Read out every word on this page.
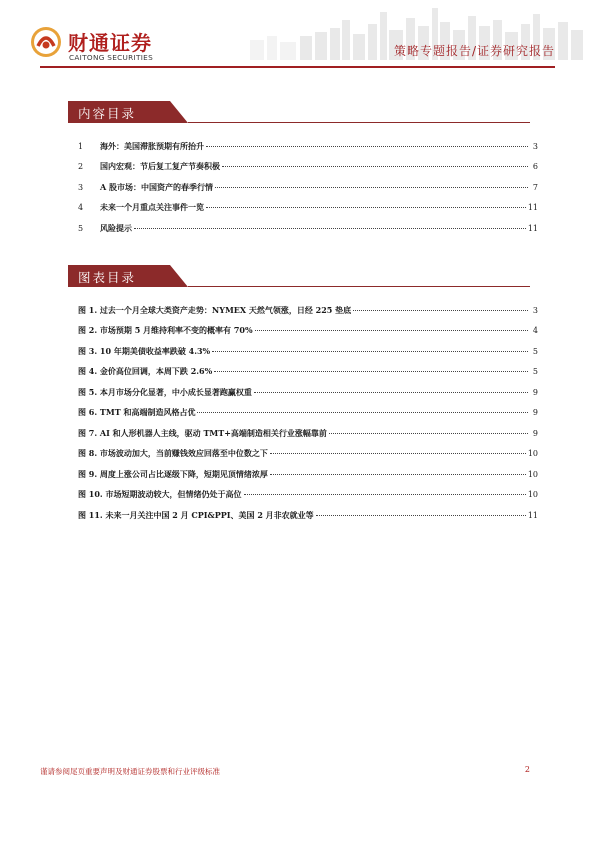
财通证券
CAITONG SECURITIES	策略专题报告/证券研究报告
内容目录
1	海外：美国滞胀预期有所抬升	3
2	国内宏观：节后复工复产节奏积极	6
3	A 股市场：中国资产的春季行情	7
4	未来一个月重点关注事件一览	11
5	风险提示	11
图表目录
图 1. 过去一个月全球大类资产走势：NYMEX 天然气领涨，日经 225 垫底	3
图 2. 市场预期 5 月维持利率不变的概率有 70%	4
图 3. 10 年期美债收益率跌破 4.3%	5
图 4. 金价高位回调，本周下跌 2.6%	5
图 5. 本月市场分化显著，中小成长显著跑赢权重	9
图 6. TMT 和高端制造风格占优	9
图 7. AI 和人形机器人主线，驱动 TMT+高端制造相关行业涨幅靠前	9
图 8. 市场波动加大，当前赚钱效应回落至中位数之下	10
图 9. 周度上涨公司占比逐级下降，短期见顶情绪浓厚	10
图 10. 市场短期波动较大，但情绪仍处于高位	10
图 11. 未来一月关注中国 2 月 CPI&PPI、美国 2 月非农就业等	11
谨请参阅尾页重要声明及财通证券股票和行业评级标准	2
